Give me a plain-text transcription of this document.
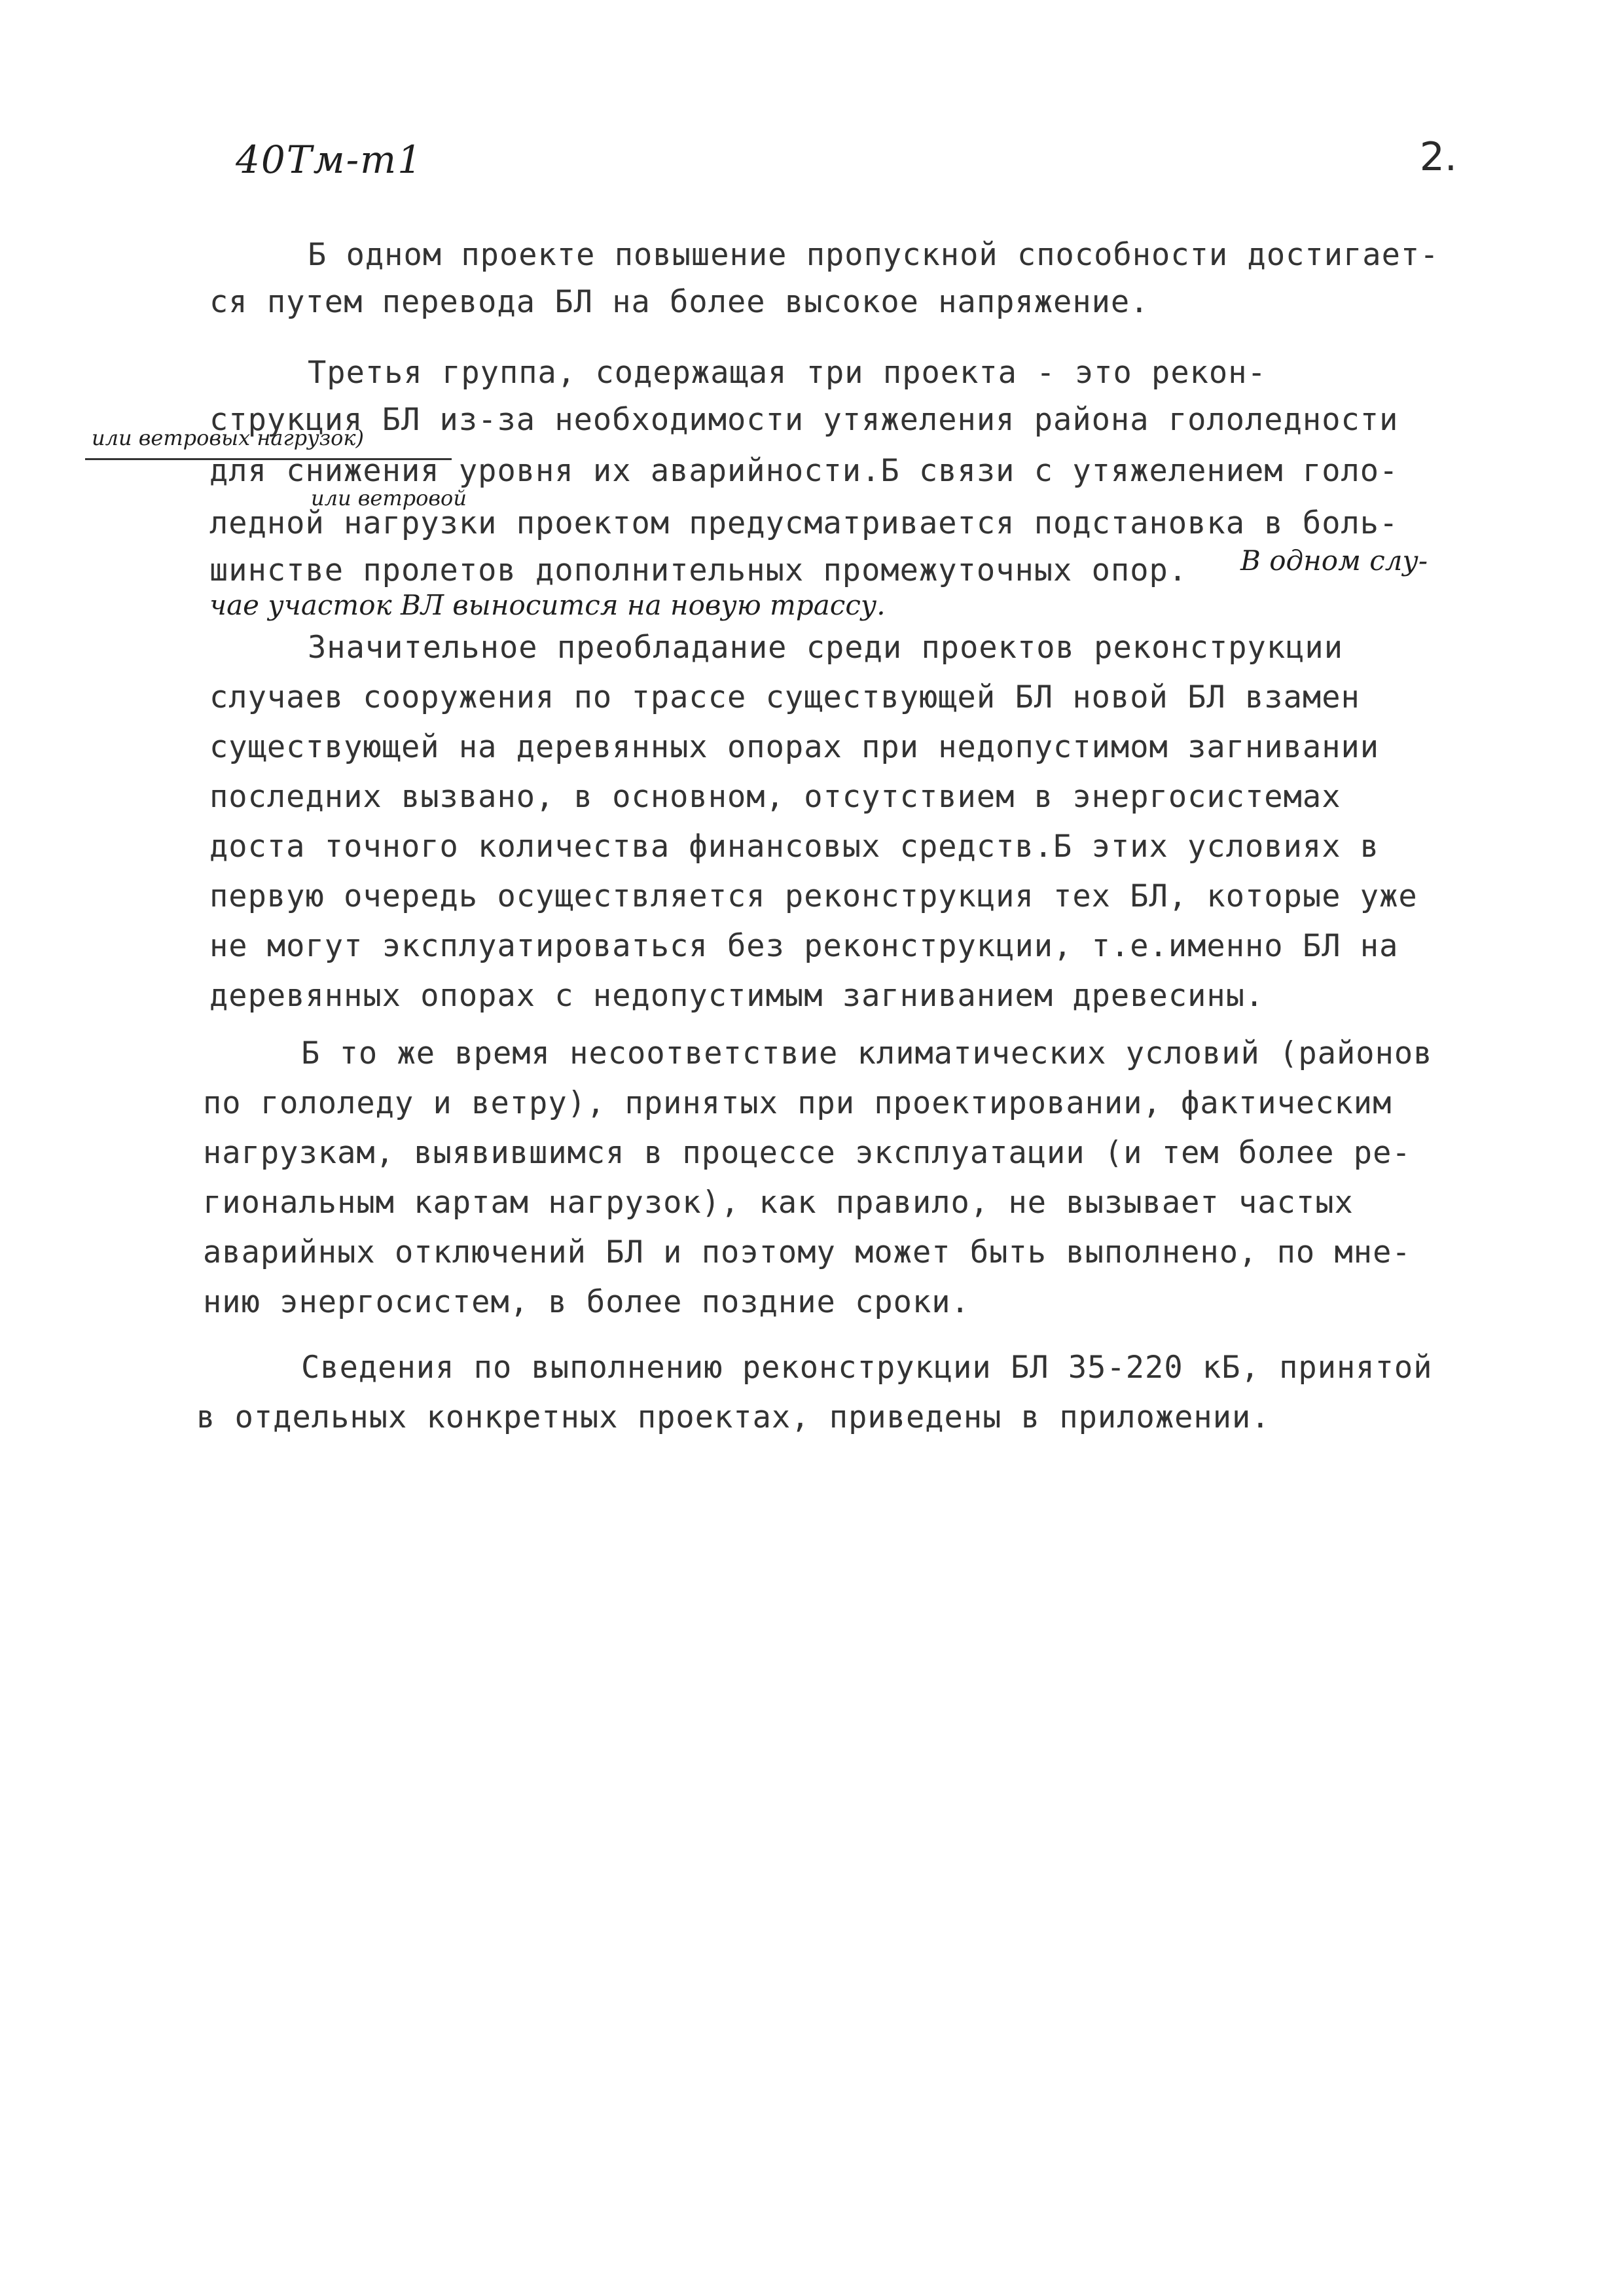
40Тм-т1	2.
Б одном проекте повышение пропускной способности достигает-
ся путем перевода БЛ на более высокое напряжение.
Третья группа, содержащая три проекта - это рекон-
струкция БЛ из-за необходимости утяжеления района гололедности
или ветровых нагрузок)
для снижения уровня их аварийности.Б связи с утяжелением голо-
или ветровой
ледной нагрузки проектом предусматривается подстановка в боль-
шинстве пролетов дополнительных промежуточных опор. В одном слу-
чае участок ВЛ выносится на новую трассу.
Значительное преобладание среди проектов реконструкции
случаев сооружения по трассе существующей БЛ новой БЛ взамен
существующей на деревянных опорах при недопустимом загнивании
последних вызвано, в основном, отсутствием в энергосистемах
доста точного количества финансовых средств.Б этих условиях в
первую очередь осуществляется реконструкция тех БЛ, которые уже
не могут эксплуатироваться без реконструкции, т.е.именно БЛ на
деревянных опорах с недопустимым загниванием древесины.
Б то же время несоответствие климатических условий (районов
по гололеду и ветру), принятых при проектировании, фактическим
нагрузкам, выявившимся в процессе эксплуатации (и тем более ре-
гиональным картам нагрузок), как правило, не вызывает частых
аварийных отключений БЛ и поэтому может быть выполнено, по мне-
нию энергосистем, в более поздние сроки.
Сведения по выполнению реконструкции БЛ 35-220 кБ, принятой
в отдельных конкретных проектах, приведены в приложении.
